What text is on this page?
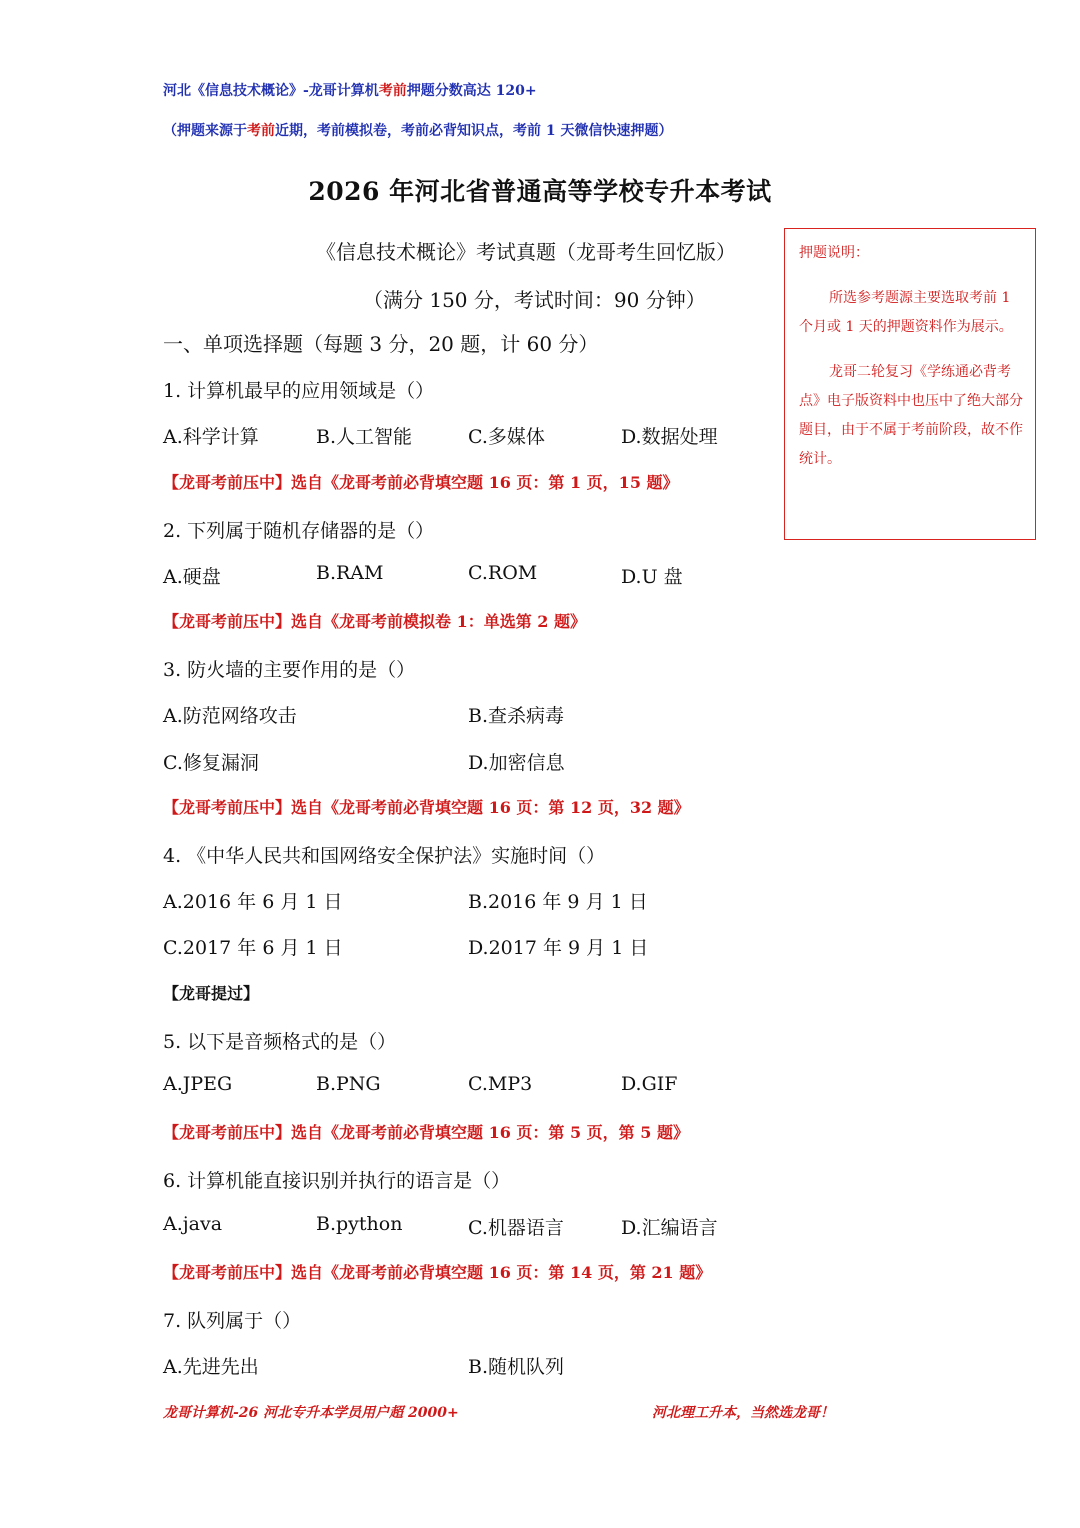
河北《信息技术概论》-龙哥计算机考前押题分数高达 120+
（押题来源于考前近期，考前模拟卷，考前必背知识点，考前 1 天微信快速押题）
2026 年河北省普通高等学校专升本考试
《信息技术概论》考试真题（龙哥考生回忆版）
（满分 150 分，考试时间：90 分钟）
一、单项选择题（每题 3 分，20 题，计 60 分）

押题说明：

所选参考题源主要选取考前 1 个月或 1 天的押题资料作为展示。

龙哥二轮复习《学练通必背考点》电子版资料中也压中了绝大部分题目，由于不属于考前阶段，故不作统计。

1. 计算机最早的应用领域是（）
A.科学计算	B.人工智能	C.多媒体	D.数据处理
【龙哥考前压中】选自《龙哥考前必背填空题 16 页：第 1 页，15 题》
2. 下列属于随机存储器的是（）
A.硬盘	B.RAM	C.ROM	D.U 盘
【龙哥考前压中】选自《龙哥考前模拟卷 1：单选第 2 题》
3. 防火墙的主要作用的是（）
A.防范网络攻击	B.查杀病毒
C.修复漏洞	D.加密信息
【龙哥考前压中】选自《龙哥考前必背填空题 16 页：第 12 页，32 题》
4. 《中华人民共和国网络安全保护法》实施时间（）
A.2016 年 6 月 1 日	B.2016 年 9 月 1 日
C.2017 年 6 月 1 日	D.2017 年 9 月 1 日
【龙哥提过】
5. 以下是音频格式的是（）
A.JPEG	B.PNG	C.MP3	D.GIF
【龙哥考前压中】选自《龙哥考前必背填空题 16 页：第 5 页，第 5 题》
6. 计算机能直接识别并执行的语言是（）
A.java	B.python	C.机器语言	D.汇编语言
【龙哥考前压中】选自《龙哥考前必背填空题 16 页：第 14 页，第 21 题》
7. 队列属于（）
A.先进先出	B.随机队列
龙哥计算机-26 河北专升本学员用户超 2000+	河北理工升本，当然选龙哥！
